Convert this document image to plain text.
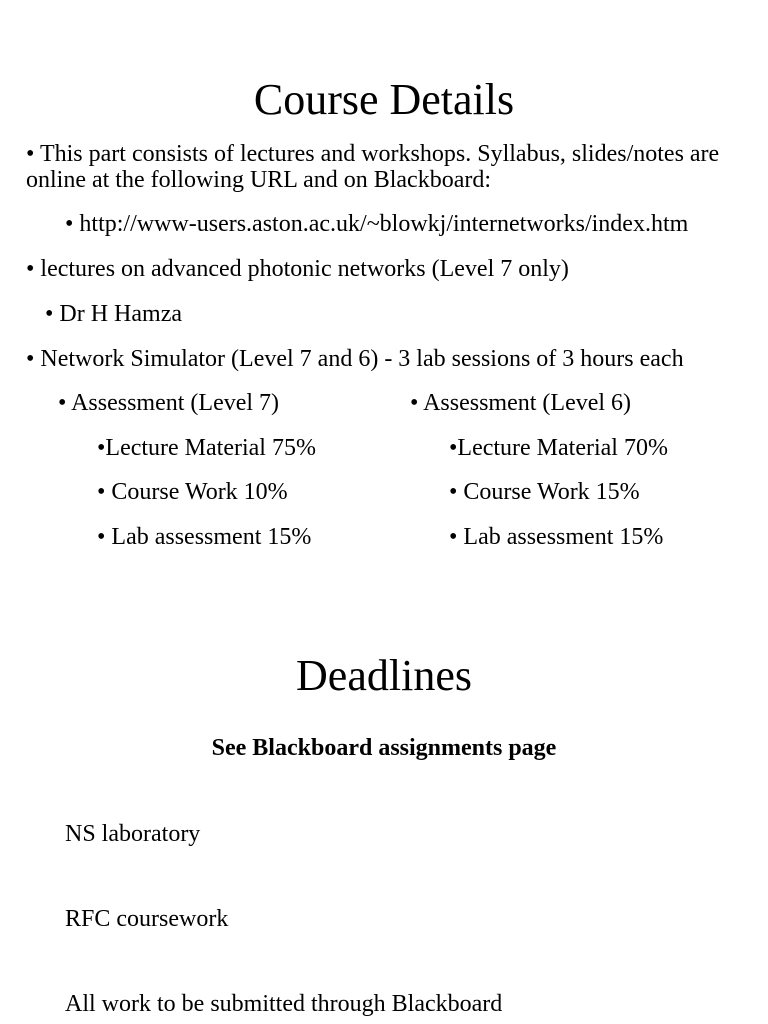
Course Details
• This part consists of lectures and workshops. Syllabus, slides/notes are online at the following URL and on Blackboard:
• http://www-users.aston.ac.uk/~blowkj/internetworks/index.htm
• lectures on advanced photonic networks (Level 7 only)
• Dr H Hamza
• Network Simulator (Level 7 and 6) - 3 lab sessions of 3 hours each
• Assessment (Level 7)
•Lecture Material 75%
• Course Work 10%
• Lab assessment 15%
• Assessment (Level 6)
•Lecture Material 70%
• Course Work 15%
• Lab assessment 15%
Deadlines
See Blackboard assignments page
NS laboratory
RFC coursework
All work to be submitted through Blackboard
